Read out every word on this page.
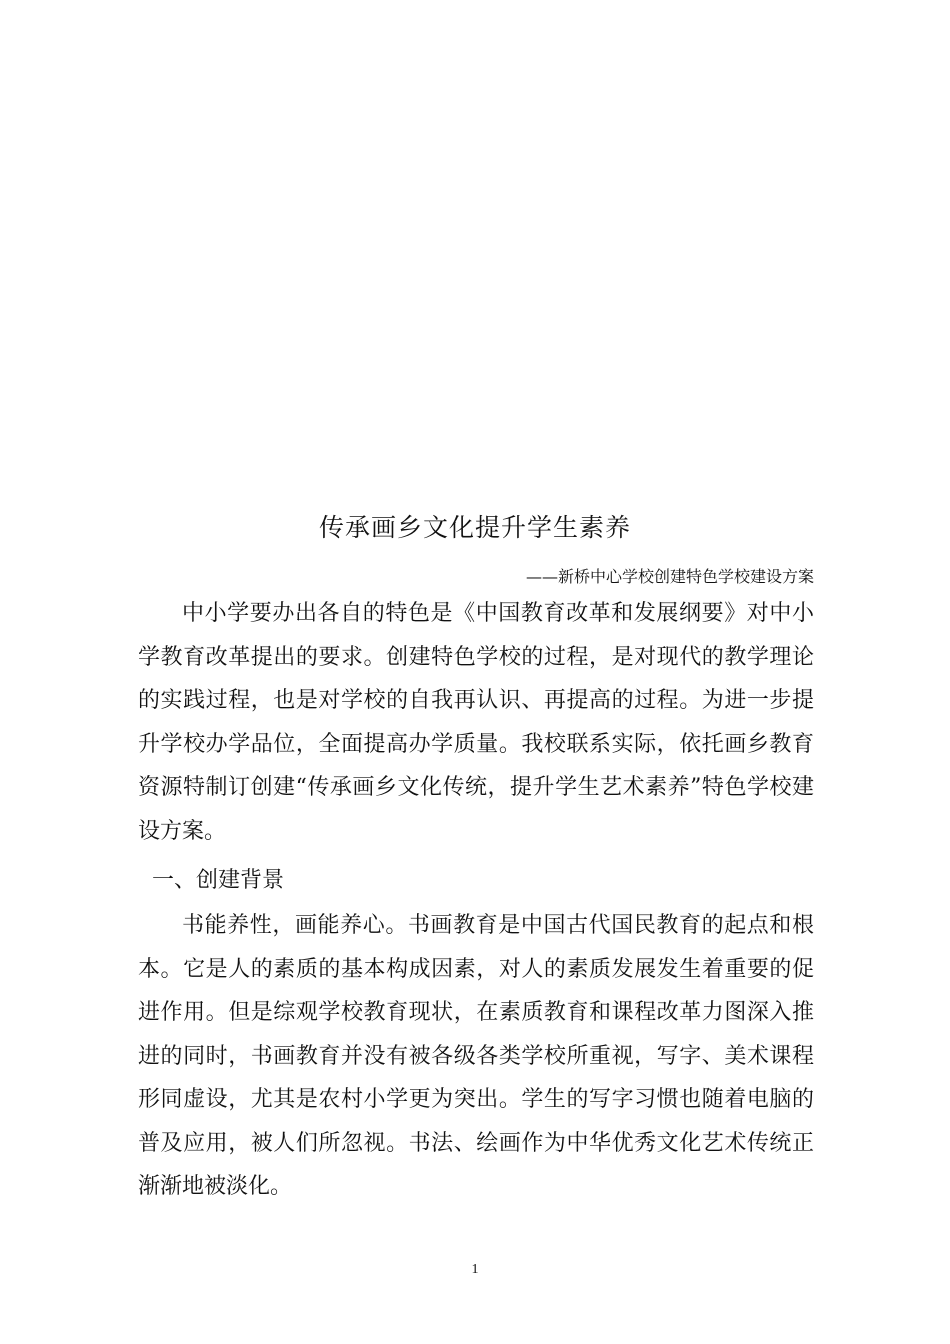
传承画乡文化提升学生素养

——新桥中心学校创建特色学校建设方案

中小学要办出各自的特色是《中国教育改革和发展纲要》对中小学教育改革提出的要求。创建特色学校的过程，是对现代的教学理论的实践过程，也是对学校的自我再认识、再提高的过程。为进一步提升学校办学品位，全面提高办学质量。我校联系实际，依托画乡教育资源特制订创建“传承画乡文化传统，提升学生艺术素养”特色学校建设方案。

一、创建背景

书能养性，画能养心。书画教育是中国古代国民教育的起点和根本。它是人的素质的基本构成因素，对人的素质发展发生着重要的促进作用。但是综观学校教育现状，在素质教育和课程改革力图深入推进的同时，书画教育并没有被各级各类学校所重视，写字、美术课程形同虚设，尤其是农村小学更为突出。学生的写字习惯也随着电脑的普及应用，被人们所忽视。书法、绘画作为中华优秀文化艺术传统正渐渐地被淡化。

1
